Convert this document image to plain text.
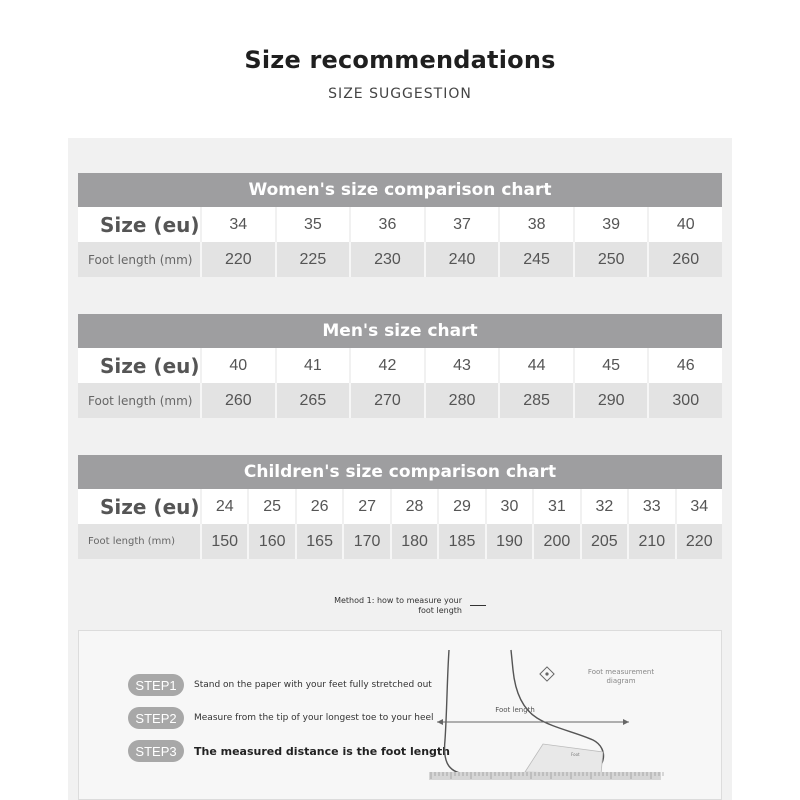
Size recommendations
SIZE SUGGESTION
Women's size comparison chart
Size (eu)	34	35	36	37	38	39	40
Foot length (mm)	220	225	230	240	245	250	260
Men's size chart
Size (eu)	40	41	42	43	44	45	46
Foot length (mm)	260	265	270	280	285	290	300
Children's size comparison chart
Size (eu)	24	25	26	27	28	29	30	31	32	33	34
Foot length (mm)	150	160	165	170	180	185	190	200	205	210	220
Method 1: how to measure your foot length
STEP1	Stand on the paper with your feet fully stretched out
STEP2	Measure from the tip of your longest toe to your heel
STEP3	The measured distance is the foot length
Foot length
Foot
Foot measurement diagram
